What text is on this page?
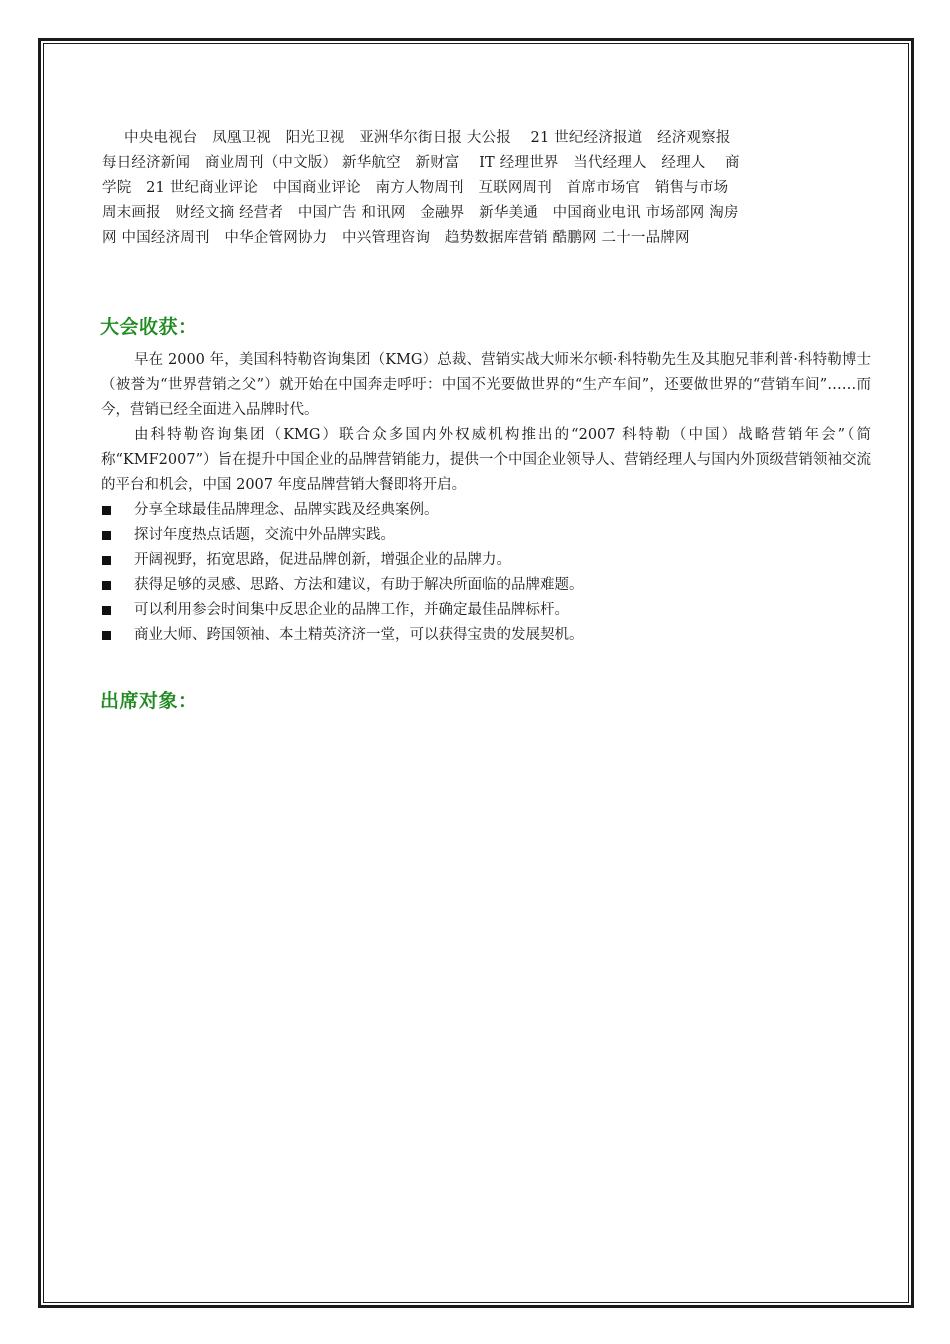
中央电视台　凤凰卫视　阳光卫视　亚洲华尔街日报 大公报　 21 世纪经济报道　经济观察报
每日经济新闻　商业周刊（中文版） 新华航空　新财富　 IT 经理世界　当代经理人　经理人　 商
学院　21 世纪商业评论　中国商业评论　南方人物周刊　互联网周刊　首席市场官　销售与市场
周末画报　财经文摘 经营者　中国广告 和讯网　金融界　新华美通　中国商业电讯 市场部网 淘房
网 中国经济周刊　中华企管网协力　中兴管理咨询　趋势数据库营销 酷鹏网 二十一品牌网
大会收获：

早在 2000 年，美国科特勒咨询集团（KMG）总裁、营销实战大师米尔顿·科特勒先生及其胞兄菲利普·科特勒博士（被誉为“世界营销之父”）就开始在中国奔走呼吁：中国不光要做世界的“生产车间”，还要做世界的“营销车间”……而今，营销已经全面进入品牌时代。

由科特勒咨询集团（KMG）联合众多国内外权威机构推出的“2007 科特勒（中国）战略营销年会”（简称“KMF2007”）旨在提升中国企业的品牌营销能力，提供一个中国企业领导人、营销经理人与国内外顶级营销领袖交流的平台和机会，中国 2007 年度品牌营销大餐即将开启。

分享全球最佳品牌理念、品牌实践及经典案例。
探讨年度热点话题，交流中外品牌实践。
开阔视野，拓宽思路，促进品牌创新，增强企业的品牌力。
获得足够的灵感、思路、方法和建议，有助于解决所面临的品牌难题。
可以利用参会时间集中反思企业的品牌工作，并确定最佳品牌标杆。
商业大师、跨国领袖、本土精英济济一堂，可以获得宝贵的发展契机。
出席对象：
